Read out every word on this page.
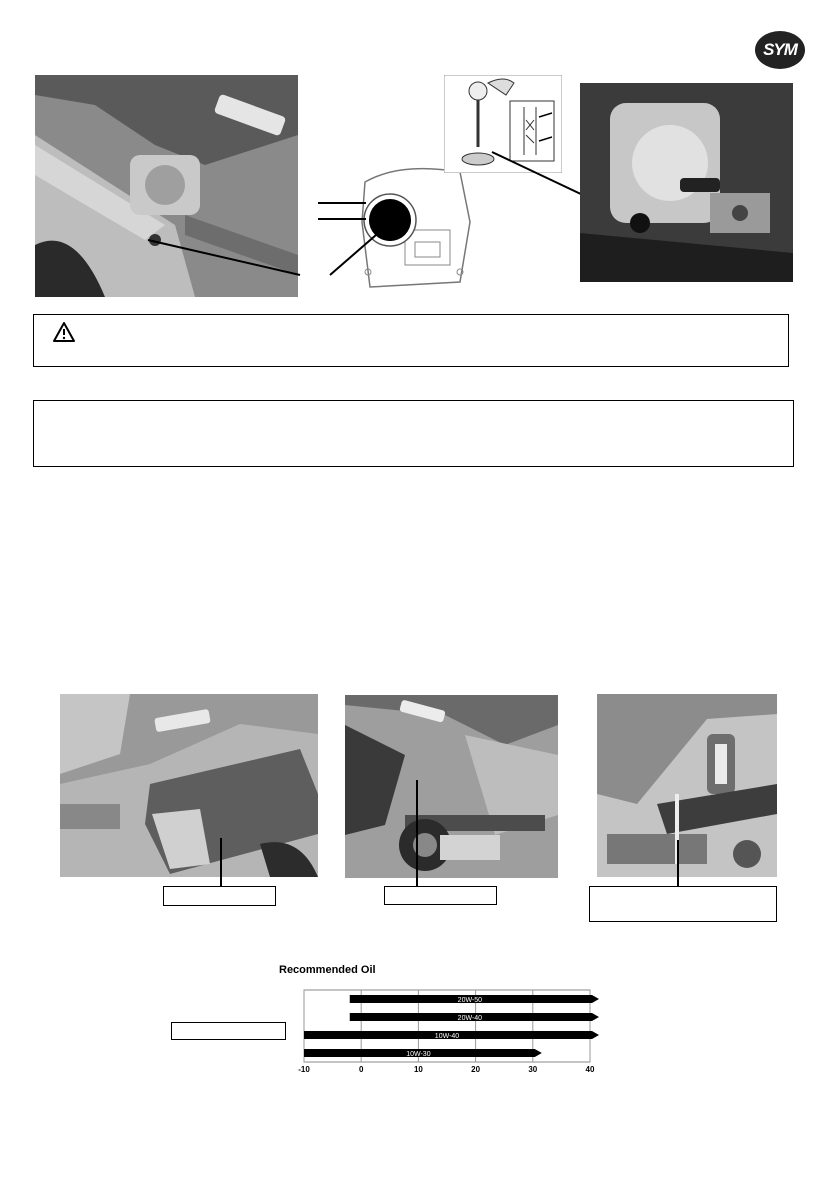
SYM
Recommended Oil
-10	0	10	20	30	40
20W-50
20W-40
10W-40
10W-30
